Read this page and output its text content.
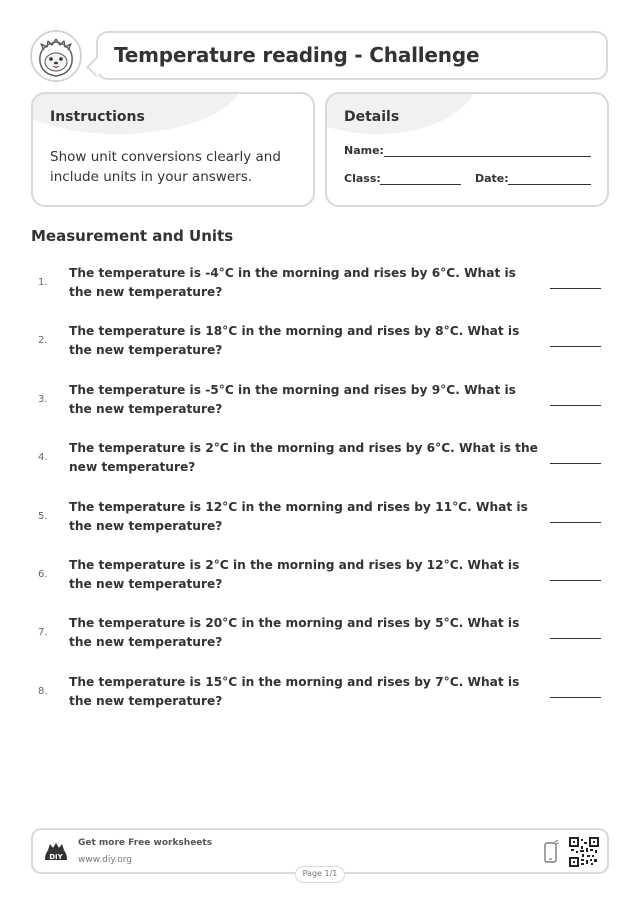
Temperature reading - Challenge
Instructions
Show unit conversions clearly and include units in your answers.
Details
Name:
Class:	Date:
Measurement and Units
1.
The temperature is -4°C in the morning and rises by 6°C. What is the new temperature?
2.
The temperature is 18°C in the morning and rises by 8°C. What is the new temperature?
3.
The temperature is -5°C in the morning and rises by 9°C. What is the new temperature?
4.
The temperature is 2°C in the morning and rises by 6°C. What is the new temperature?
5.
The temperature is 12°C in the morning and rises by 11°C. What is the new temperature?
6.
The temperature is 2°C in the morning and rises by 12°C. What is the new temperature?
7.
The temperature is 20°C in the morning and rises by 5°C. What is the new temperature?
8.
The temperature is 15°C in the morning and rises by 7°C. What is the new temperature?
DIY
Get more Free worksheets
www.diy.org
Page 1/1
